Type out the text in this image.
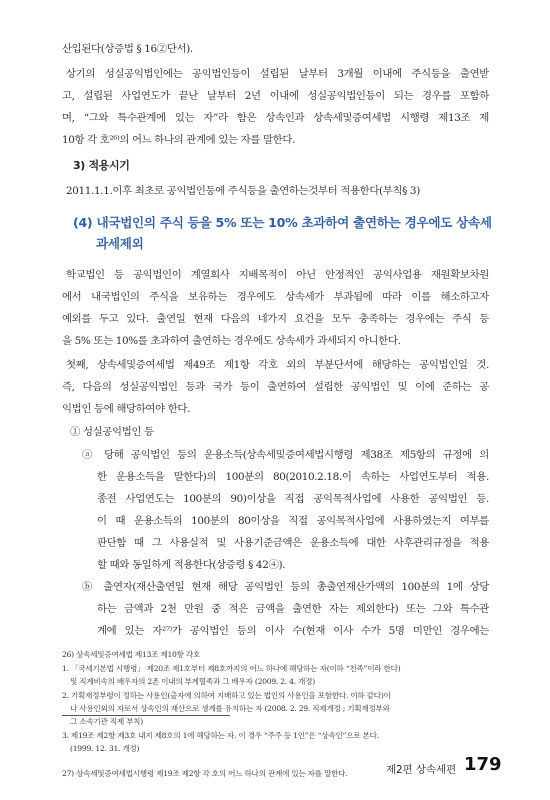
산입된다(상증법 § 16②단서).
상기의 성실공익법인에는 공익법인등이 설립된 날부터 3개월 이내에 주식등을 출연받
고, 설립된 사업연도가 끝난 날부터 2년 이내에 성실공익법인등이 되는 경우를 포함하
며, “그와 특수관계에 있는 자”라 함은 상속인과 상속세및증여세법 시행령 제13조 제
10항 각 호²⁶⁾의 어느 하나의 관계에 있는 자를 말한다.
3) 적용시기
2011.1.1.이후 최초로 공익법인등에 주식등을 출연하는것부터 적용한다(부칙§ 3)
(4) 내국법인의 주식 등을 5% 또는 10% 초과하여 출연하는 경우에도 상속세
과세제외
학교법인 등 공익법인이 계열회사 지배목적이 아닌 안정적인 공익사업용 재원확보차원
에서 내국법인의 주식을 보유하는 경우에도 상속세가 부과됨에 따라 이를 해소하고자
예외를 두고 있다. 출연일 현재 다음의 네가지 요건을 모두 충족하는 경우에는 주식 등
을 5% 또는 10%를 초과하여 출연하는 경우에도 상속세가 과세되지 아니한다.
첫째, 상속세및증여세법 제49조 제1항 각호 외의 부분단서에 해당하는 공익법인일 것.
즉, 다음의 성실공익법인 등과 국가 등이 출연하여 설립한 공익법인 및 이에 준하는 공
익법인 등에 해당하여야 한다.
① 성실공익법인 등
ⓐ 당해 공익법인 등의 운용소득(상속세및증여세법시행령 제38조 제5항의 규정에 의
한 운용소득을 말한다)의 100분의 80(2010.2.18.이 속하는 사업연도부터 적용.
종전 사업연도는 100분의 90)이상을 직접 공익목적사업에 사용한 공익법인 등.
이 때 운용소득의 100분의 80이상을 직접 공익목적사업에 사용하였는지 여부를
판단함 때 그 사용실적 및 사용기준금액은 운용소득에 대한 사후관리규정을 적용
할 때와 동일하게 적용한다(상증령 § 42④).
ⓑ 출연자(재산출연일 현재 해당 공익법인 등의 총출연재산가액의 100분의 1에 상당
하는 금액과 2천 만원 중 적은 금액을 출연한 자는 제외한다) 또는 그와 특수관
계에 있는 자²⁷⁾가 공익법인 등의 이사 수(현재 이사 수가 5명 미만인 경우에는
26) 상속세및증여세법 제13조 제10항 각호
1. 「국세기본법 시행령」 제20조 제1호부터 제8호까지의 어느 하나에 해당하는 자(이하 “친족”이라 한다)
및 직계비속의 배우자의 2촌 이내의 부계혈족과 그 배우자 (2009. 2. 4. 개정)
2. 기획재정부령이 정하는 사용인(출자에 의하여 지배하고 있는 법인의 사용인을 포함한다. 이하 같다)이
나 사용인외의 자로서 상속인의 재산으로 생계를 유지하는 자 (2008. 2. 29. 직제개정 ; 기획재정부와
그 소속기관 직제 부칙)
3. 제19조 제2항 제3호 내지 제8호의 1에 해당하는 자. 이 경우 “주주 등 1인”은 “상속인”으로 본다.
(1999. 12. 31. 개정)
27) 상속세및증여세법시행령 제19조 제2항 각 호의 어느 하나의 관계에 있는 자를 말한다.	제2편 상속세편 179
